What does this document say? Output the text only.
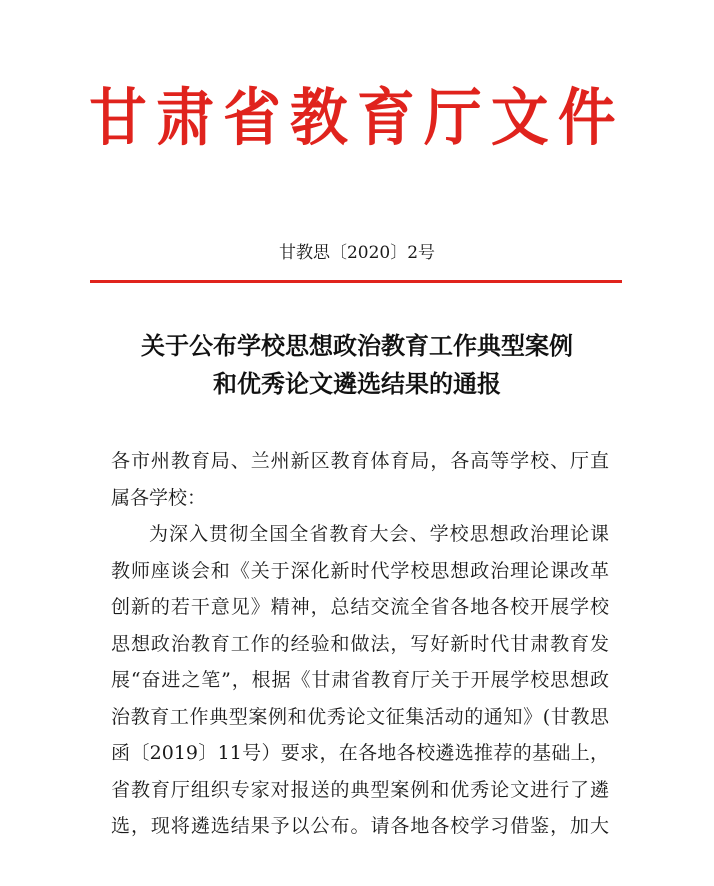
甘肃省教育厅文件
甘教思〔2020〕2号
关于公布学校思想政治教育工作典型案例
和优秀论文遴选结果的通报
各市州教育局、兰州新区教育体育局，各高等学校、厅直
属各学校：
为深入贯彻全国全省教育大会、学校思想政治理论课
教师座谈会和《关于深化新时代学校思想政治理论课改革
创新的若干意见》精神，总结交流全省各地各校开展学校
思想政治教育工作的经验和做法，写好新时代甘肃教育发
展“奋进之笔”，根据《甘肃省教育厅关于开展学校思想政
治教育工作典型案例和优秀论文征集活动的通知》(甘教思
函〔2019〕11号）要求，在各地各校遴选推荐的基础上，
省教育厅组织专家对报送的典型案例和优秀论文进行了遴
选，现将遴选结果予以公布。请各地各校学习借鉴，加大
